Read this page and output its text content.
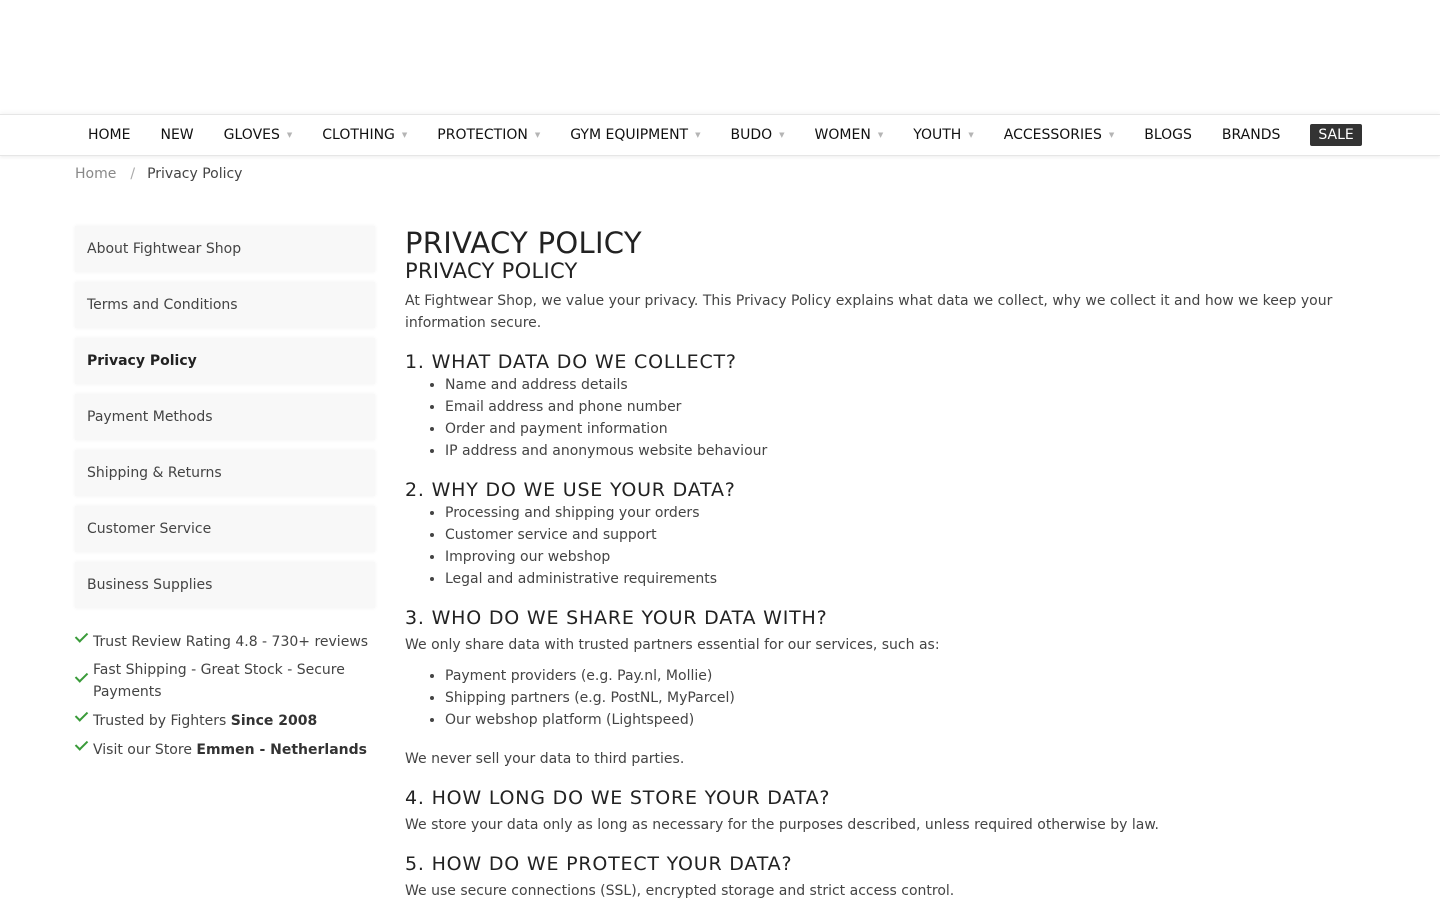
HOME NEW GLOVES ▼ CLOTHING ▼ PROTECTION ▼ GYM EQUIPMENT ▼ BUDO ▼ WOMEN ▼ YOUTH ▼ ACCESSORIES ▼ BLOGS BRANDS	SALE
Home / Privacy Policy
About Fightwear Shop
Terms and Conditions
Privacy Policy
Payment Methods
Shipping & Returns
Customer Service
Business Supplies
Trust Review Rating 4.8 - 730+ reviews
Fast Shipping - Great Stock - Secure Payments
Trusted by Fighters Since 2008
Visit our Store Emmen - Netherlands
PRIVACY POLICY
PRIVACY POLICY

At Fightwear Shop, we value your privacy. This Privacy Policy explains what data we collect, why we collect it and how we keep your information secure.

1. WHAT DATA DO WE COLLECT?
• Name and address details
• Email address and phone number
• Order and payment information
• IP address and anonymous website behaviour
2. WHY DO WE USE YOUR DATA?
• Processing and shipping your orders
• Customer service and support
• Improving our webshop
• Legal and administrative requirements
3. WHO DO WE SHARE YOUR DATA WITH?

We only share data with trusted partners essential for our services, such as:

• Payment providers (e.g. Pay.nl, Mollie)
• Shipping partners (e.g. PostNL, MyParcel)
• Our webshop platform (Lightspeed)

We never sell your data to third parties.

4. HOW LONG DO WE STORE YOUR DATA?

We store your data only as long as necessary for the purposes described, unless required otherwise by law.

5. HOW DO WE PROTECT YOUR DATA?

We use secure connections (SSL), encrypted storage and strict access control.
